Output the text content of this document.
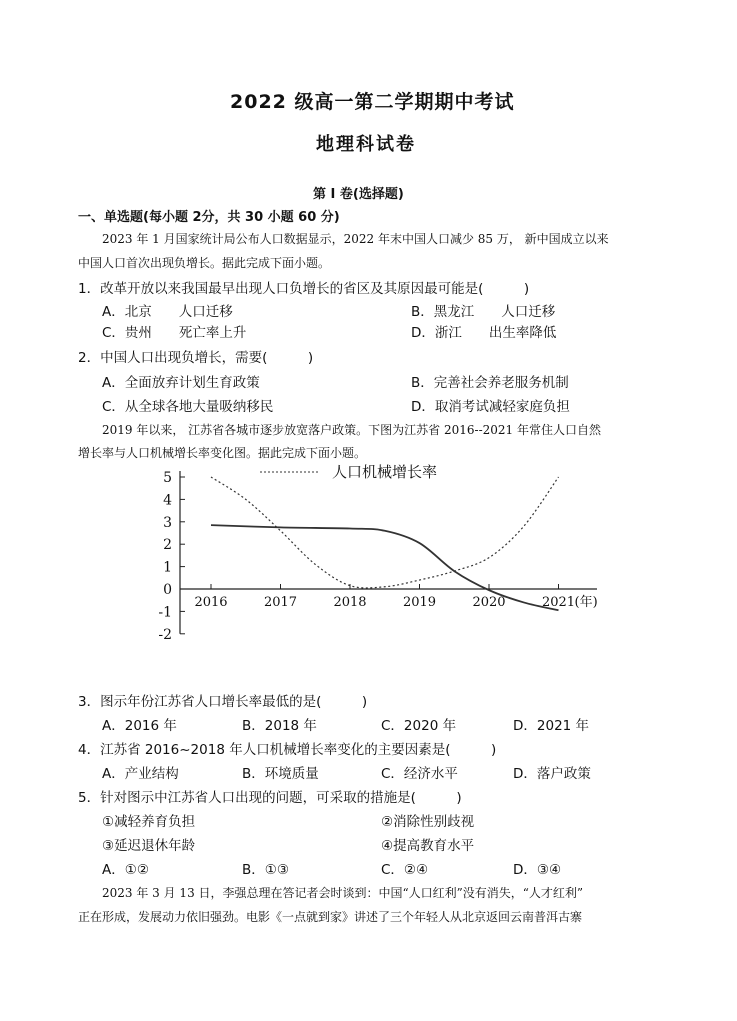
2022 级高一第二学期期中考试
地理科试卷
第 I 卷(选择题)
一、单选题(每小题 2分，共 30 小题 60 分)
2023 年 1 月国家统计局公布人口数据显示，2022 年末中国人口减少 85 万， 新中国成立以来
中国人口首次出现负增长。据此完成下面小题。
1．改革开放以来我国最早出现人口负增长的省区及其原因最可能是(　　　)
A．北京　　人口迁移	B．黑龙江　　人口迁移
C．贵州　　死亡率上升	D．浙江　　出生率降低
2．中国人口出现负增长，需要(　　　)
A．全面放弃计划生育政策	B．完善社会养老服务机制
C．从全球各地大量吸纳移民	D．取消考试减轻家庭负担
2019 年以来， 江苏省各城市逐步放宽落户政策。下图为江苏省 2016--2021 年常住人口自然
增长率与人口机械增长率变化图。据此完成下面小题。
5
4
3
2
1
0
-1
-2
2016	2017	2018	2019	2020	2021 (年)
人口机械增长率
3．图示年份江苏省人口增长率最低的是(　　　)
A．2016 年	B．2018 年	C．2020 年	D．2021 年
4．江苏省 2016~2018 年人口机械增长率变化的主要因素是(　　　)
A．产业结构	B．环境质量	C．经济水平	D．落户政策
5．针对图示中江苏省人口出现的问题，可采取的措施是(　　　)
①减轻养育负担	②消除性别歧视
③延迟退休年龄	④提高教育水平
A．①②	B．①③	C．②④	D．③④
2023 年 3 月 13 日，李强总理在答记者会时谈到：中国“人口红利”没有消失，“人才红利”
正在形成，发展动力依旧强劲。电影《一点就到家》讲述了三个年轻人从北京返回云南普洱古寨
